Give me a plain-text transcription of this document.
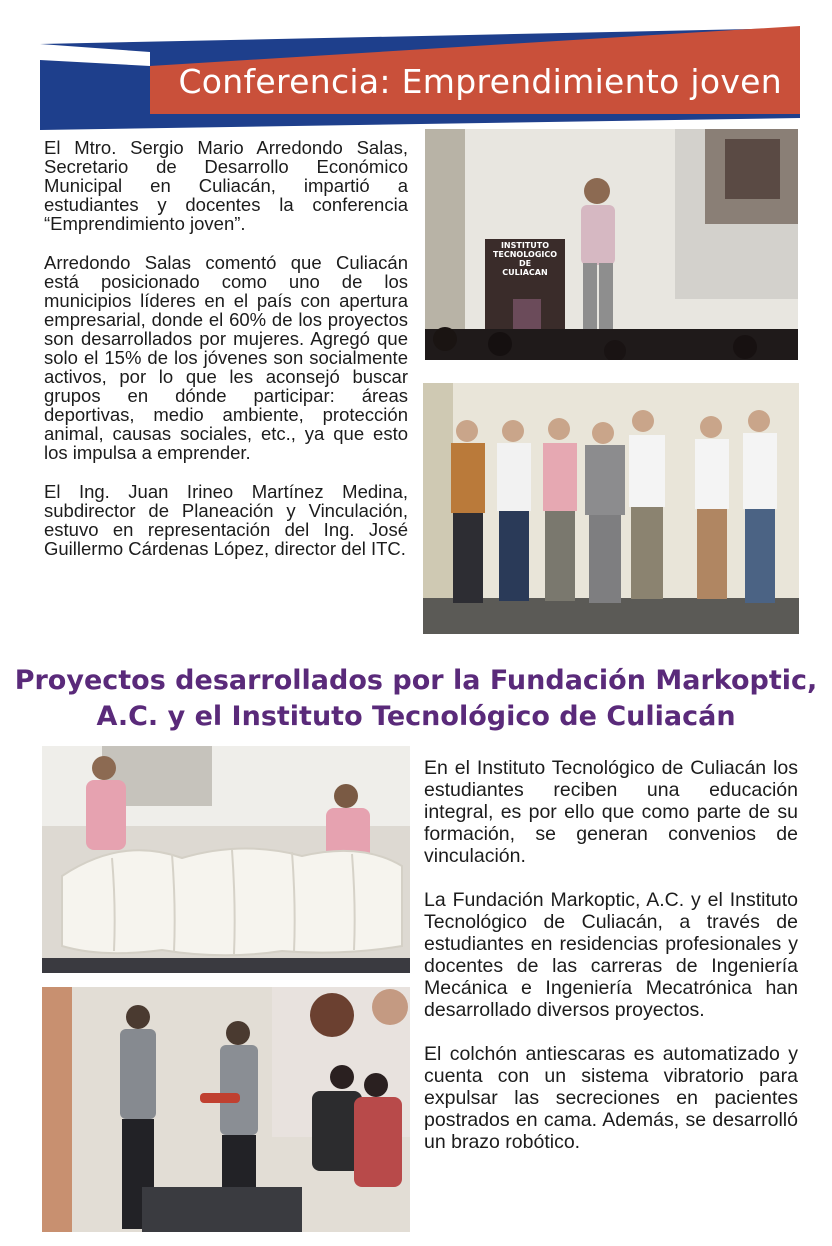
Conferencia: Emprendimiento joven

El Mtro. Sergio Mario Arredondo Salas, Secretario de Desarrollo Económico Municipal en Culiacán, impartió a estudiantes y docentes la conferencia “Emprendimiento joven”.

Arredondo Salas comentó que Culiacán está posicionado como uno de los municipios líderes en el país con apertura empresarial, donde el 60% de los proyectos son desarrollados por mujeres. Agregó que solo el 15% de los jóvenes son socialmente activos, por lo que les aconsejó buscar grupos en dónde participar: áreas deportivas, medio ambiente, protección animal, causas sociales, etc., ya que esto los impulsa a emprender.

El Ing. Juan Irineo Martínez Medina, subdirector de Planeación y Vinculación, estuvo en representación del Ing. José Guillermo Cárdenas López, director del ITC.

INSTITUTO
TECNOLOGICO DE
CULIACAN
Proyectos desarrollados por la Fundación Markoptic,
A.C. y el Instituto Tecnológico de Culiacán

En el Instituto Tecnológico de Culiacán los estudiantes reciben una educación integral, es por ello que como parte de su formación, se generan convenios de vinculación.

La Fundación Markoptic, A.C. y el Instituto Tecnológico de Culiacán, a través de estudiantes en residencias profesionales y docentes de las carreras de Ingeniería Mecánica e Ingeniería Mecatrónica han desarrollado diversos proyectos.

El colchón antiescaras es automatizado y cuenta con un sistema vibratorio para expulsar las secreciones en pacientes postrados en cama. Además, se desarrolló un brazo robótico.
